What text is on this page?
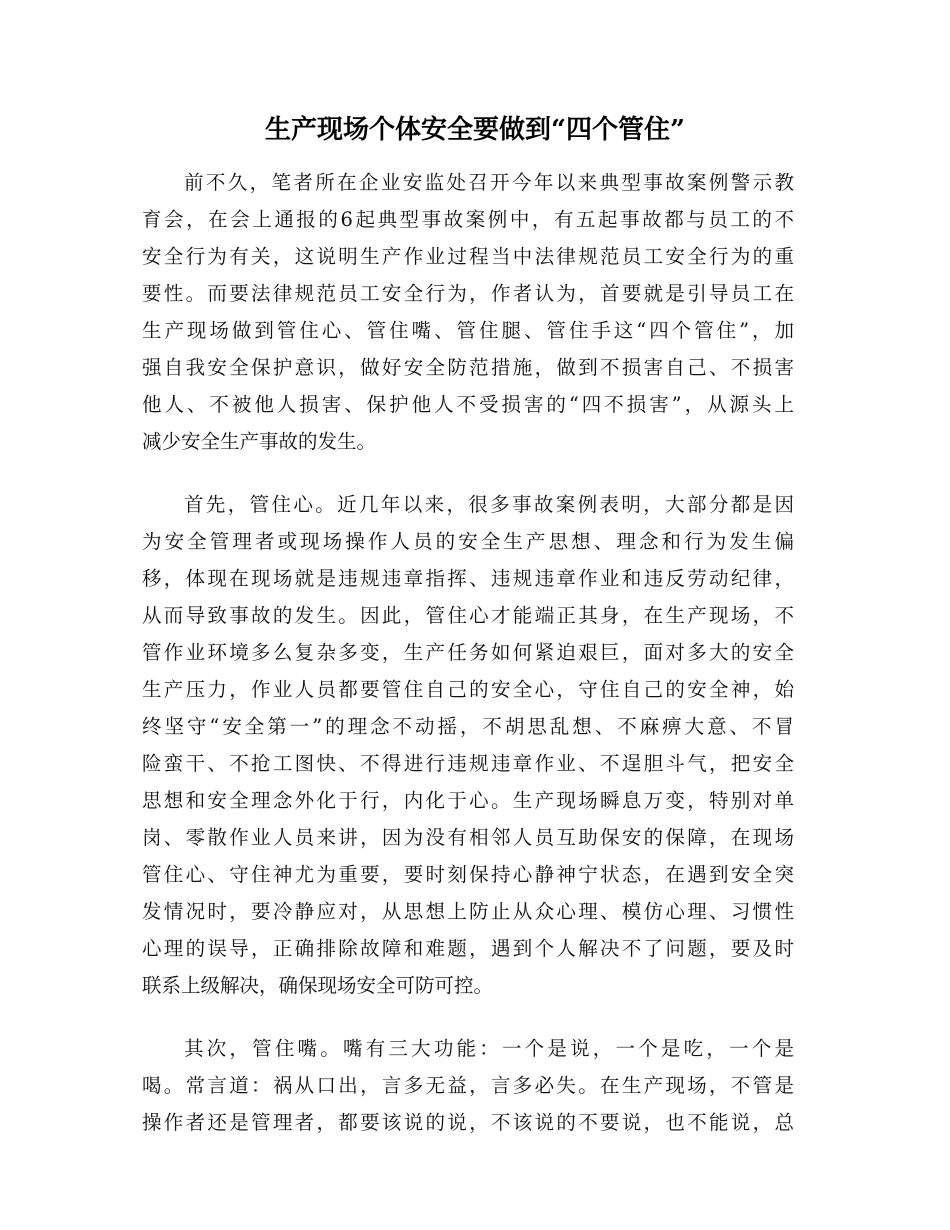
生产现场个体安全要做到“四个管住”

前不久，笔者所在企业安监处召开今年以来典型事故案例警示教
育会，在会上通报的6起典型事故案例中，有五起事故都与员工的不
安全行为有关，这说明生产作业过程当中法律规范员工安全行为的重
要性。而要法律规范员工安全行为，作者认为，首要就是引导员工在
生产现场做到管住心、管住嘴、管住腿、管住手这“四个管住”，加
强自我安全保护意识，做好安全防范措施，做到不损害自己、不损害
他人、不被他人损害、保护他人不受损害的“四不损害”，从源头上
减少安全生产事故的发生。

首先，管住心。近几年以来，很多事故案例表明，大部分都是因
为安全管理者或现场操作人员的安全生产思想、理念和行为发生偏
移，体现在现场就是违规违章指挥、违规违章作业和违反劳动纪律，
从而导致事故的发生。因此，管住心才能端正其身，在生产现场，不
管作业环境多么复杂多变，生产任务如何紧迫艰巨，面对多大的安全
生产压力，作业人员都要管住自己的安全心，守住自己的安全神，始
终坚守“安全第一”的理念不动摇，不胡思乱想、不麻痹大意、不冒
险蛮干、不抢工图快、不得进行违规违章作业、不逞胆斗气，把安全
思想和安全理念外化于行，内化于心。生产现场瞬息万变，特别对单
岗、零散作业人员来讲，因为没有相邻人员互助保安的保障，在现场
管住心、守住神尤为重要，要时刻保持心静神宁状态，在遇到安全突
发情况时，要冷静应对，从思想上防止从众心理、模仿心理、习惯性
心理的误导，正确排除故障和难题，遇到个人解决不了问题，要及时
联系上级解决，确保现场安全可防可控。

其次，管住嘴。嘴有三大功能：一个是说，一个是吃，一个是
喝。常言道：祸从口出，言多无益，言多必失。在生产现场，不管是
操作者还是管理者，都要该说的说，不该说的不要说，也不能说，总
